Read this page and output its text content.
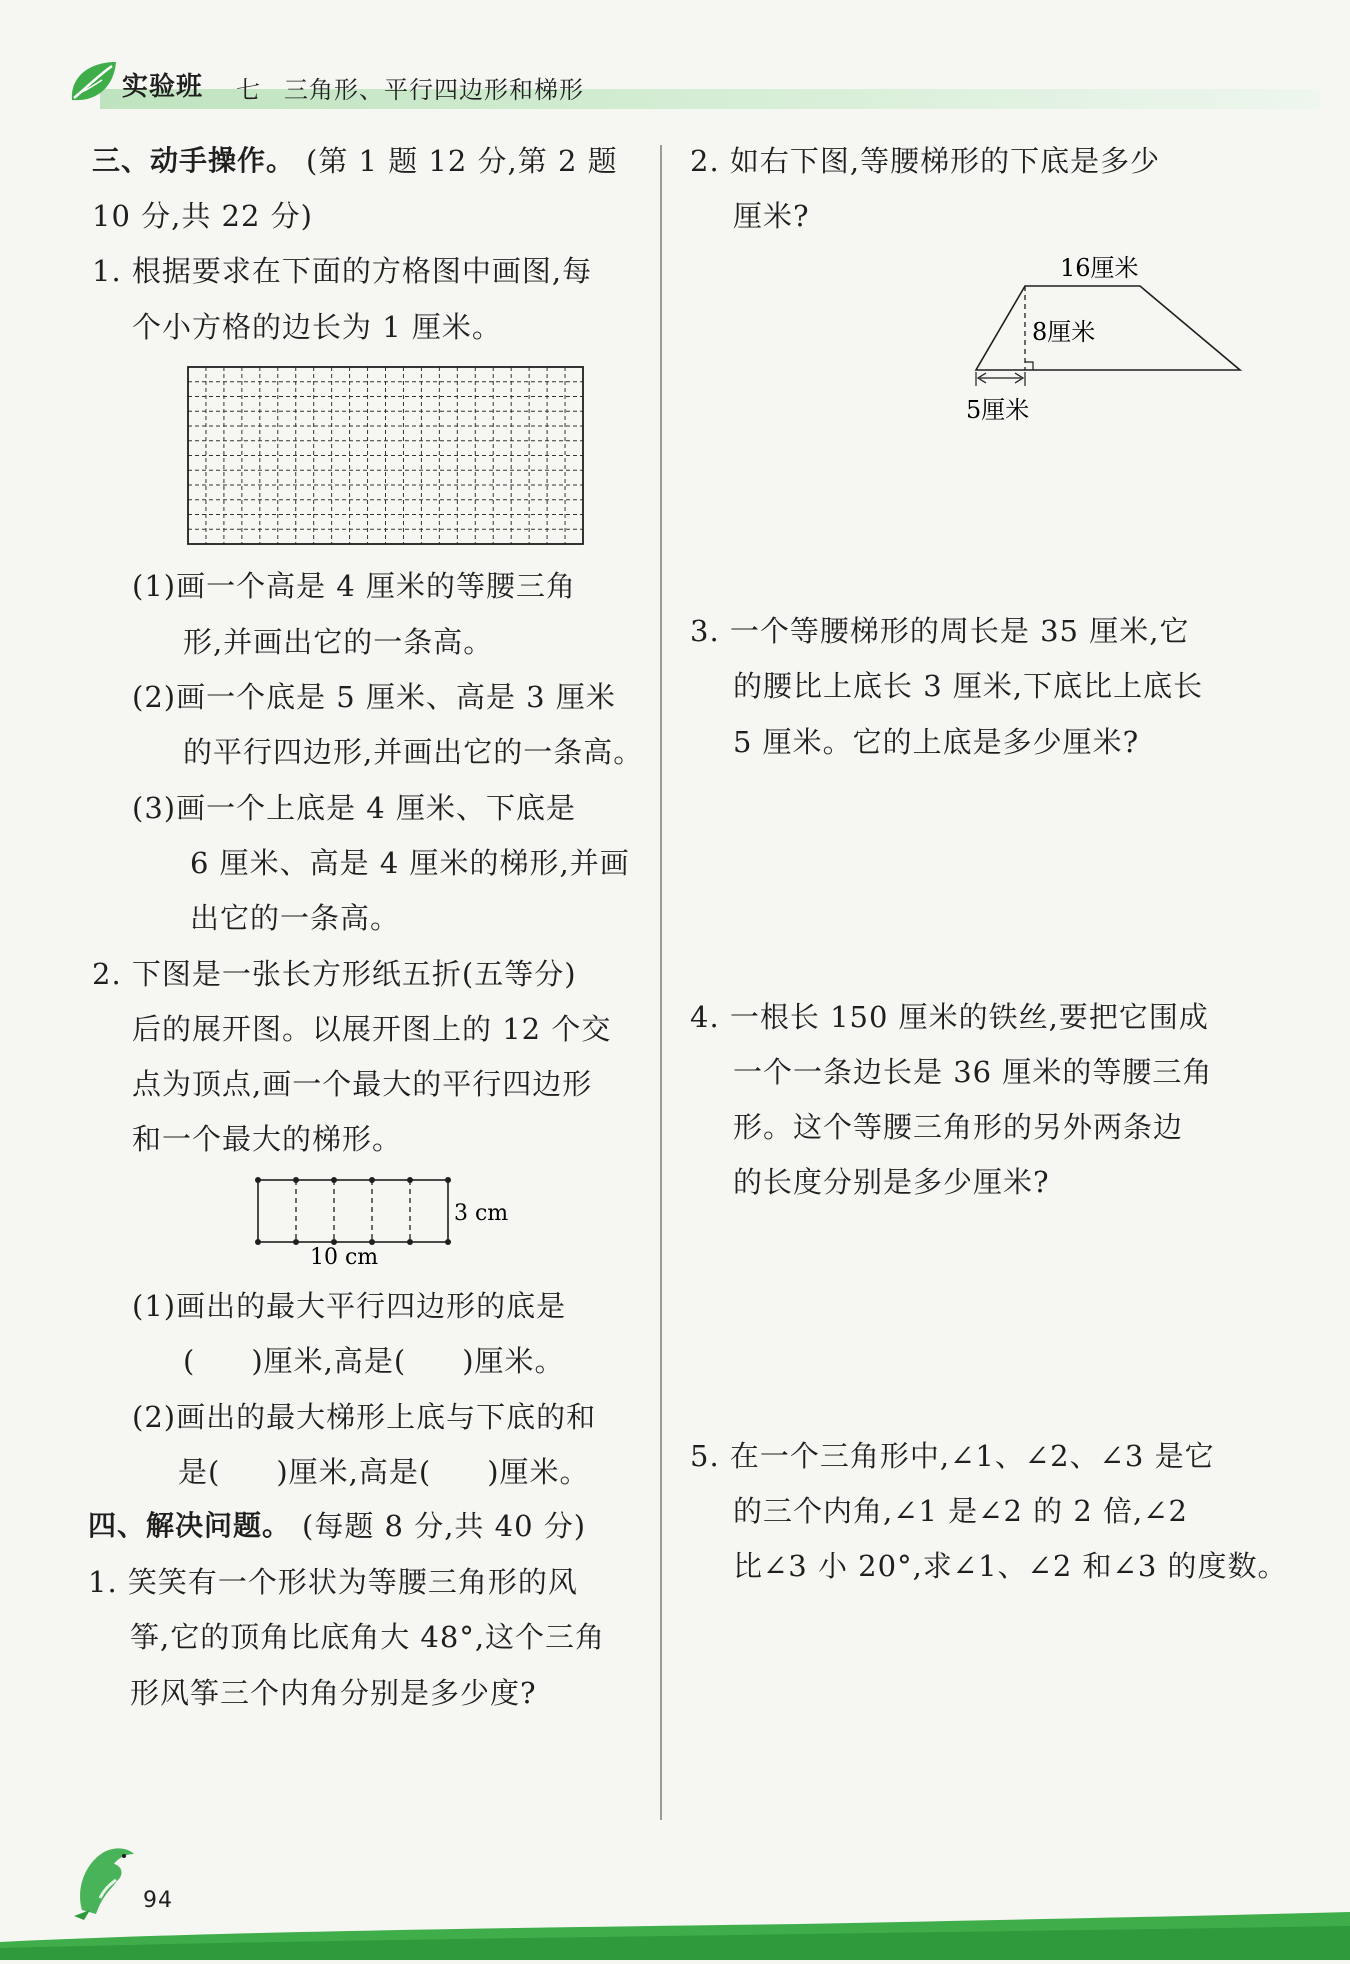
实验班 七 三角形、平行四边形和梯形
三、动手操作。 (第 1 题 12 分,第 2 题
10 分,共 22 分)
1. 根据要求在下面的方格图中画图,每
个小方格的边长为 1 厘米。
(1)画一个高是 4 厘米的等腰三角
形,并画出它的一条高。
(2)画一个底是 5 厘米、高是 3 厘米
的平行四边形,并画出它的一条高。
(3)画一个上底是 4 厘米、下底是
6 厘米、高是 4 厘米的梯形,并画
出它的一条高。
2. 下图是一张长方形纸五折(五等分)
后的展开图。以展开图上的 12 个交
点为顶点,画一个最大的平行四边形
和一个最大的梯形。
3 cm
10 cm
(1)画出的最大平行四边形的底是
( )厘米,高是( )厘米。
(2)画出的最大梯形上底与下底的和
是( )厘米,高是( )厘米。
四、解决问题。 (每题 8 分,共 40 分)
1. 笑笑有一个形状为等腰三角形的风
筝,它的顶角比底角大 48°,这个三角
形风筝三个内角分别是多少度?
2. 如右下图,等腰梯形的下底是多少
厘米?
16厘米
8厘米
5厘米
3. 一个等腰梯形的周长是 35 厘米,它
的腰比上底长 3 厘米,下底比上底长
5 厘米。它的上底是多少厘米?
4. 一根长 150 厘米的铁丝,要把它围成
一个一条边长是 36 厘米的等腰三角
形。这个等腰三角形的另外两条边
的长度分别是多少厘米?
5. 在一个三角形中,∠1、∠2、∠3 是它
的三个内角,∠1 是∠2 的 2 倍,∠2
比∠3 小 20°,求∠1、∠2 和∠3 的度数。
94
